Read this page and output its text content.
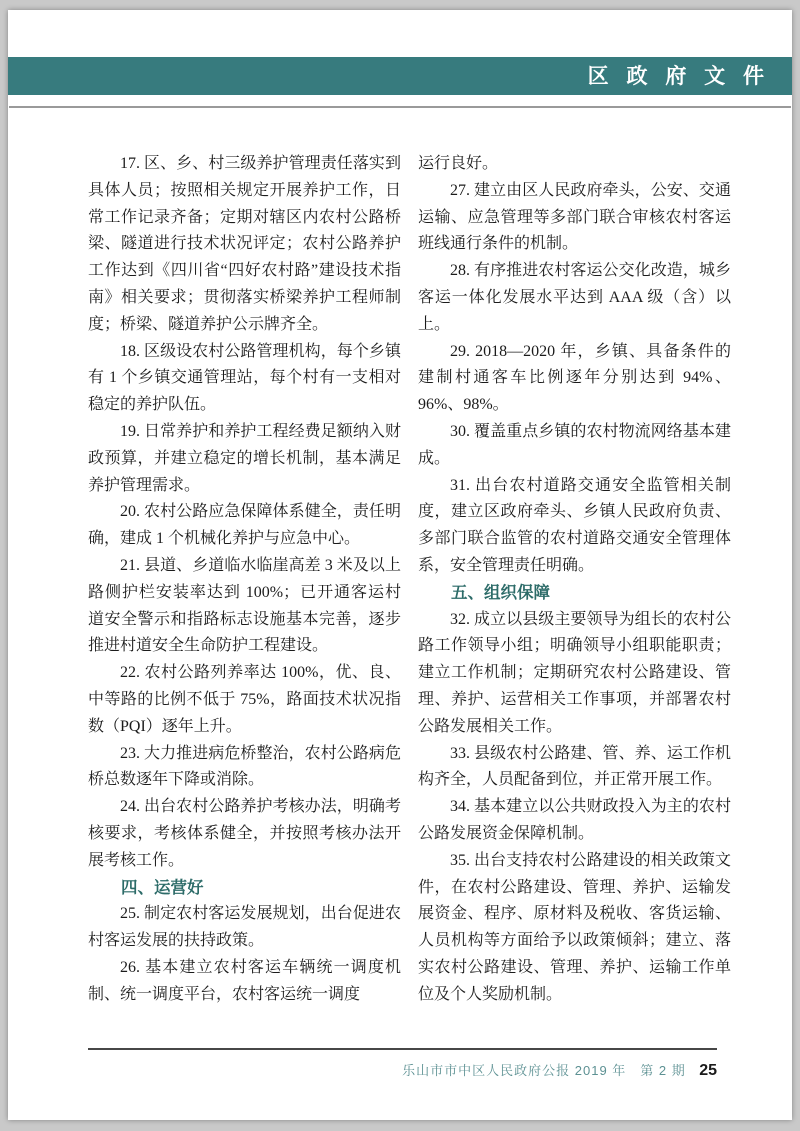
区 政 府 文 件

17. 区、乡、村三级养护管理责任落实到具体人员；按照相关规定开展养护工作，日常工作记录齐备；定期对辖区内农村公路桥梁、隧道进行技术状况评定；农村公路养护工作达到《四川省“四好农村路”建设技术指南》相关要求；贯彻落实桥梁养护工程师制度；桥梁、隧道养护公示牌齐全。

18. 区级设农村公路管理机构，每个乡镇有 1 个乡镇交通管理站，每个村有一支相对稳定的养护队伍。

19. 日常养护和养护工程经费足额纳入财政预算，并建立稳定的增长机制，基本满足养护管理需求。

20. 农村公路应急保障体系健全，责任明确，建成 1 个机械化养护与应急中心。

21. 县道、乡道临水临崖高差 3 米及以上路侧护栏安装率达到 100%；已开通客运村道安全警示和指路标志设施基本完善，逐步推进村道安全生命防护工程建设。

22. 农村公路列养率达 100%，优、良、中等路的比例不低于 75%，路面技术状况指数（PQI）逐年上升。

23. 大力推进病危桥整治，农村公路病危桥总数逐年下降或消除。

24. 出台农村公路养护考核办法，明确考核要求，考核体系健全，并按照考核办法开展考核工作。

四、运营好

25. 制定农村客运发展规划，出台促进农村客运发展的扶持政策。

26. 基本建立农村客运车辆统一调度机制、统一调度平台，农村客运统一调度

运行良好。

27. 建立由区人民政府牵头，公安、交通运输、应急管理等多部门联合审核农村客运班线通行条件的机制。

28. 有序推进农村客运公交化改造，城乡客运一体化发展水平达到 AAA 级（含）以上。

29. 2018—2020 年，乡镇、具备条件的建制村通客车比例逐年分别达到 94%、96%、98%。

30. 覆盖重点乡镇的农村物流网络基本建成。

31. 出台农村道路交通安全监管相关制度，建立区政府牵头、乡镇人民政府负责、多部门联合监管的农村道路交通安全管理体系，安全管理责任明确。

五、组织保障

32. 成立以县级主要领导为组长的农村公路工作领导小组；明确领导小组职能职责；建立工作机制；定期研究农村公路建设、管理、养护、运营相关工作事项，并部署农村公路发展相关工作。

33. 县级农村公路建、管、养、运工作机构齐全，人员配备到位，并正常开展工作。

34. 基本建立以公共财政投入为主的农村公路发展资金保障机制。

35. 出台支持农村公路建设的相关政策文件，在农村公路建设、管理、养护、运输发展资金、程序、原材料及税收、客货运输、人员机构等方面给予以政策倾斜；建立、落实农村公路建设、管理、养护、运输工作单位及个人奖励机制。

乐山市市中区人民政府公报 2019 年　第 2 期 25
